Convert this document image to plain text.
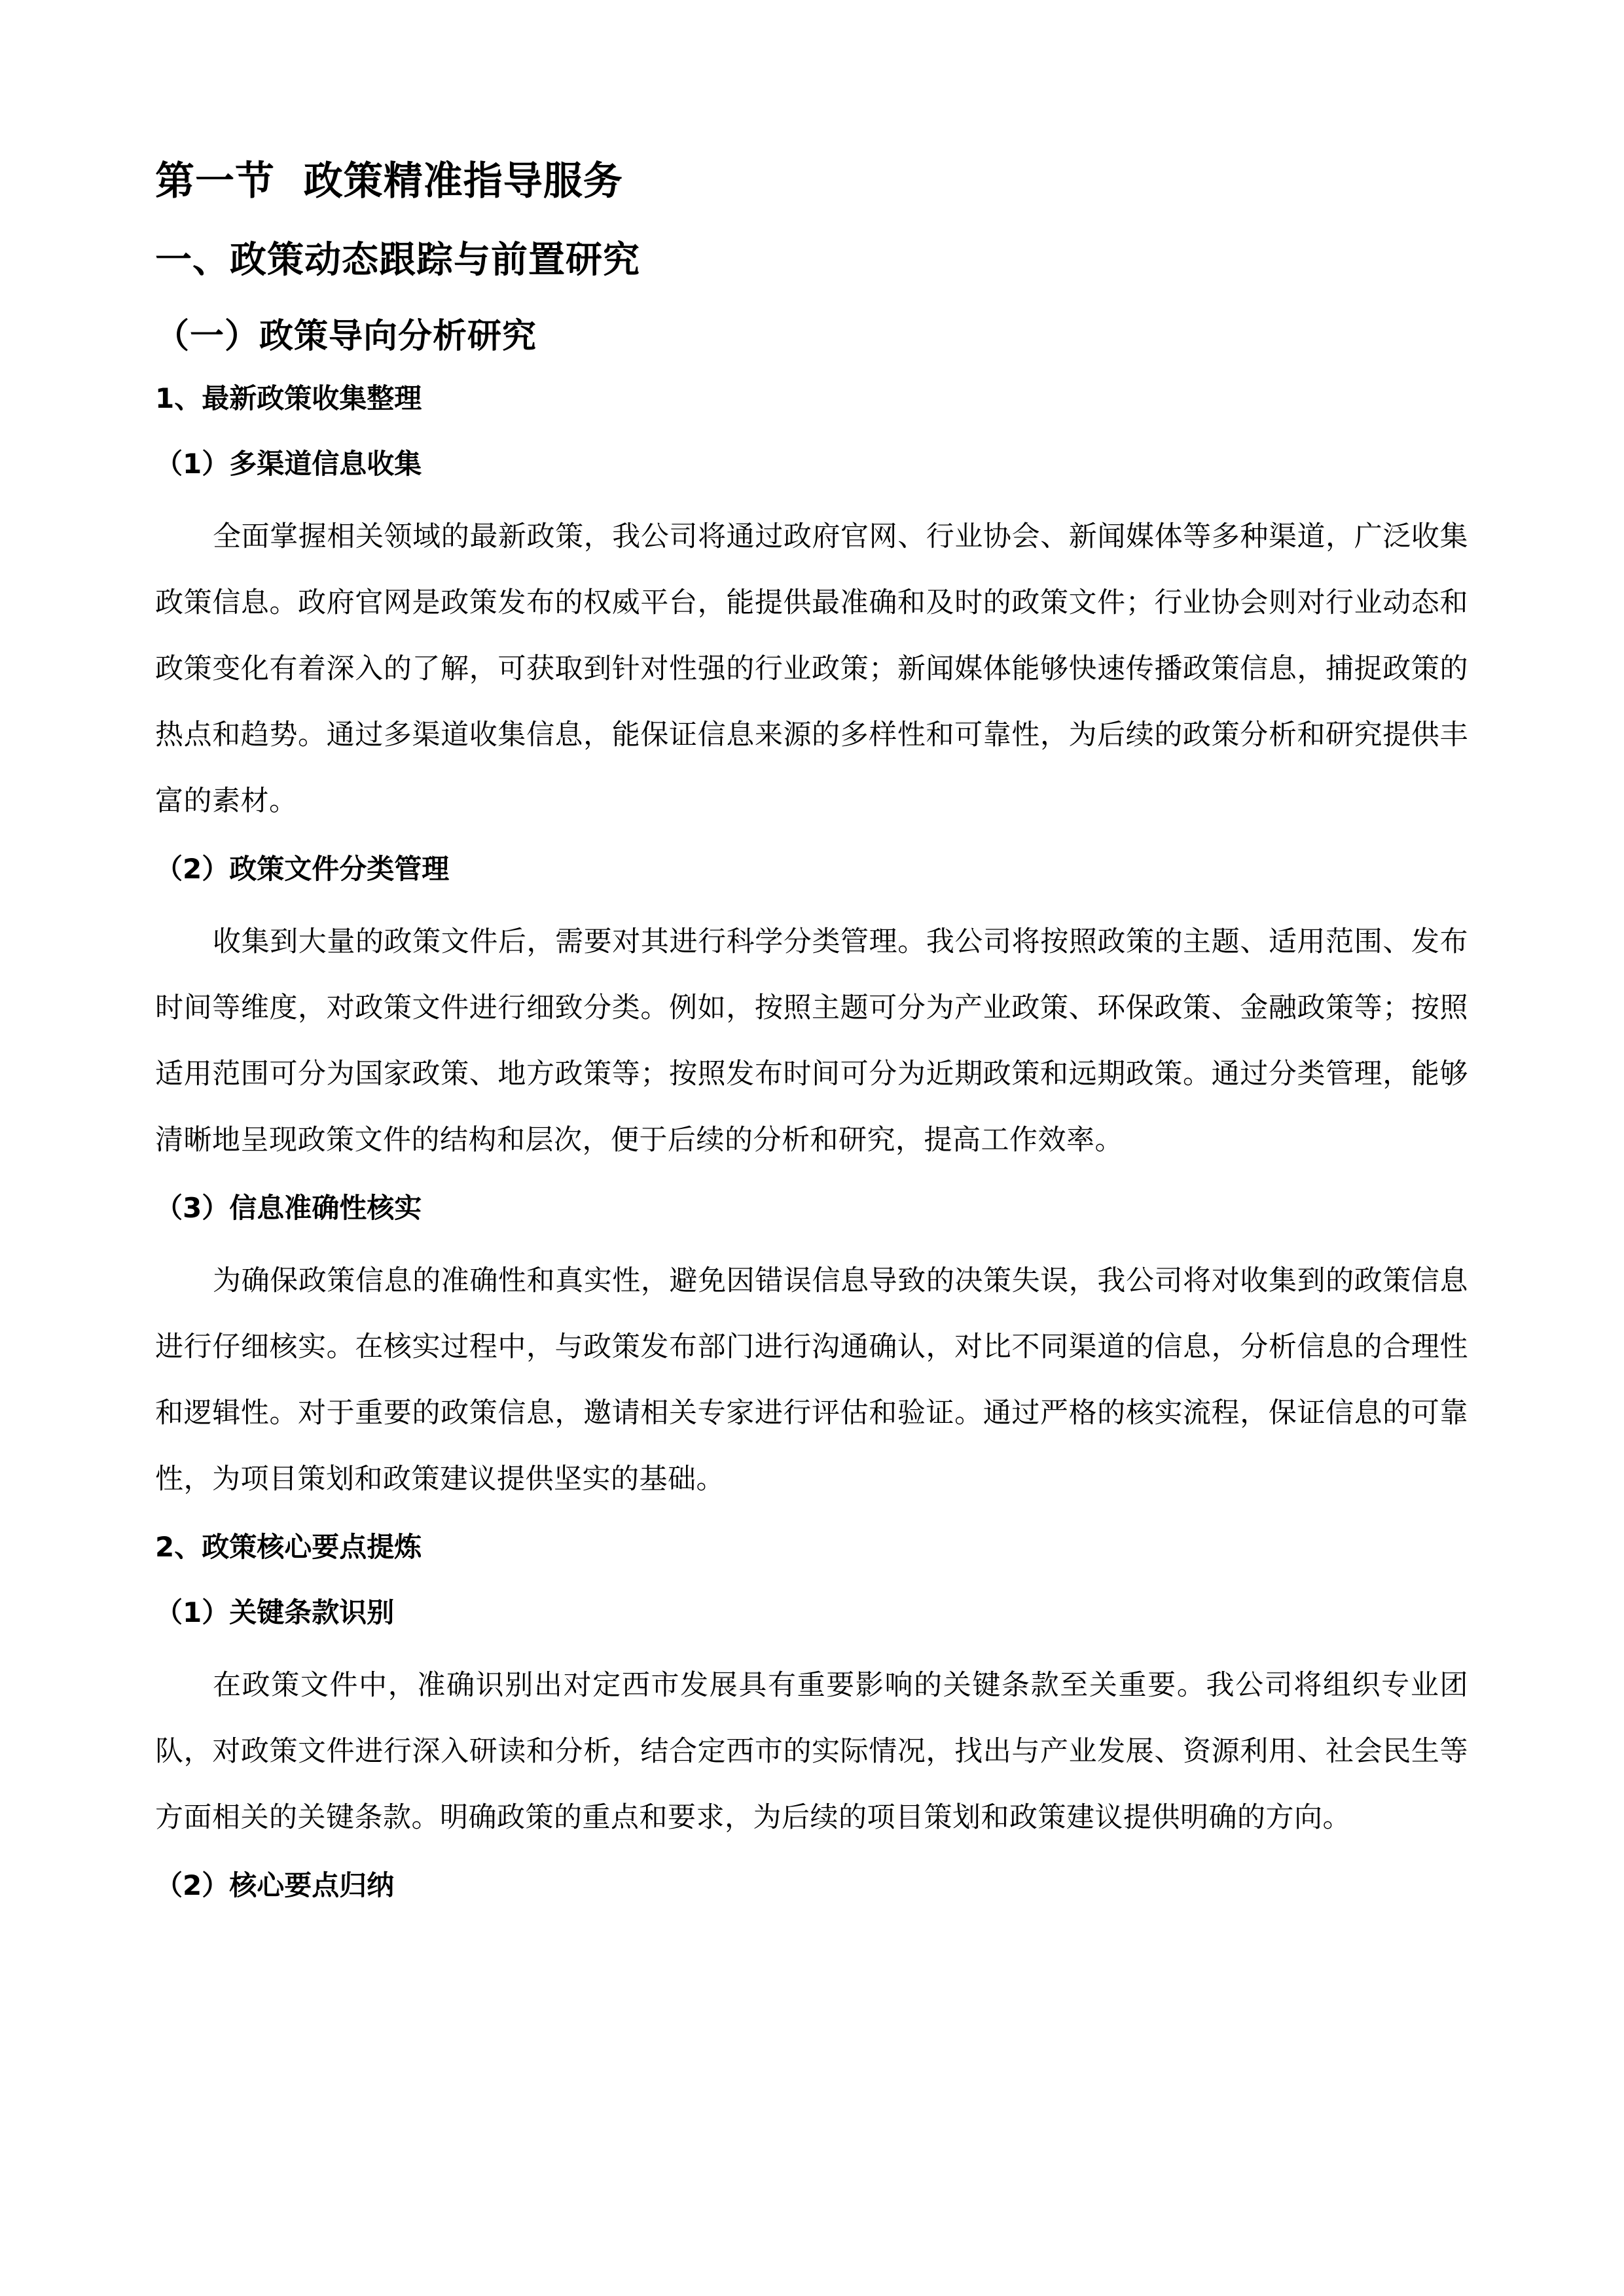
第一节  政策精准指导服务
一、政策动态跟踪与前置研究
（一）政策导向分析研究
1、最新政策收集整理
（1）多渠道信息收集

全面掌握相关领域的最新政策，我公司将通过政府官网、行业协会、新闻媒体等多种渠道，广泛收集政策信息。政府官网是政策发布的权威平台，能提供最准确和及时的政策文件；行业协会则对行业动态和政策变化有着深入的了解，可获取到针对性强的行业政策；新闻媒体能够快速传播政策信息，捕捉政策的热点和趋势。通过多渠道收集信息，能保证信息来源的多样性和可靠性，为后续的政策分析和研究提供丰富的素材。

（2）政策文件分类管理

收集到大量的政策文件后，需要对其进行科学分类管理。我公司将按照政策的主题、适用范围、发布时间等维度，对政策文件进行细致分类。例如，按照主题可分为产业政策、环保政策、金融政策等；按照适用范围可分为国家政策、地方政策等；按照发布时间可分为近期政策和远期政策。通过分类管理，能够清晰地呈现政策文件的结构和层次，便于后续的分析和研究，提高工作效率。

（3）信息准确性核实

为确保政策信息的准确性和真实性，避免因错误信息导致的决策失误，我公司将对收集到的政策信息进行仔细核实。在核实过程中，与政策发布部门进行沟通确认，对比不同渠道的信息，分析信息的合理性和逻辑性。对于重要的政策信息，邀请相关专家进行评估和验证。通过严格的核实流程，保证信息的可靠性，为项目策划和政策建议提供坚实的基础。

2、政策核心要点提炼
（1）关键条款识别

在政策文件中，准确识别出对定西市发展具有重要影响的关键条款至关重要。我公司将组织专业团队，对政策文件进行深入研读和分析，结合定西市的实际情况，找出与产业发展、资源利用、社会民生等方面相关的关键条款。明确政策的重点和要求，为后续的项目策划和政策建议提供明确的方向。

（2）核心要点归纳
